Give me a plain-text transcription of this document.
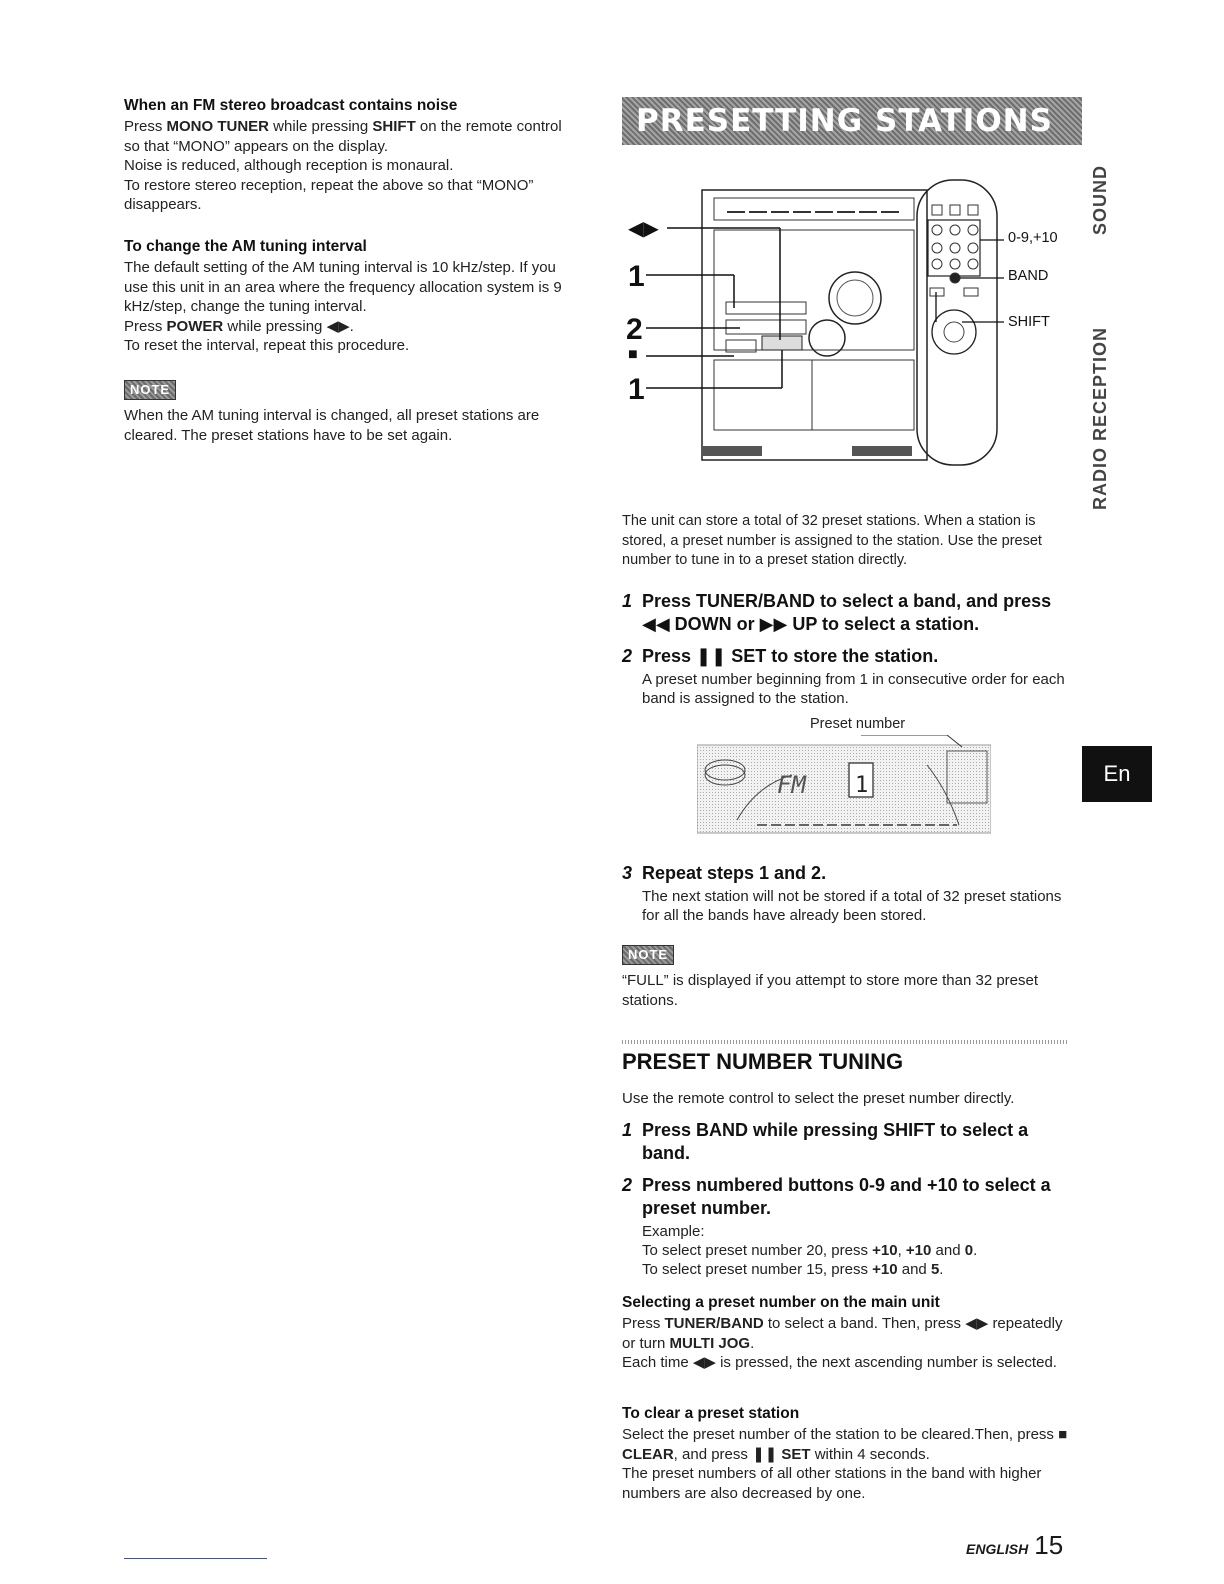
When an FM stereo broadcast contains noise

Press MONO TUNER while pressing SHIFT on the remote control so that “MONO” appears on the display.

Noise is reduced, although reception is monaural.

To restore stereo reception, repeat the above so that “MONO” disappears.

To change the AM tuning interval

The default setting of the AM tuning interval is 10 kHz/step. If you use this unit in an area where the frequency allocation system is 9 kHz/step, change the tuning interval.

Press POWER while pressing ◀▶.

To reset the interval, repeat this procedure.

NOTE

When the AM tuning interval is changed, all preset stations are cleared. The preset stations have to be set again.

PRESETTING STATIONS
◀▶
1
2
■
1
0-9,+10
BAND
SHIFT

The unit can store a total of 32 preset stations. When a station is stored, a preset number is assigned to the station. Use the preset number to tune in to a preset station directly.

1 Press TUNER/BAND to select a band, and press ◀◀ DOWN or ▶▶ UP to select a station.
2 Press ❚❚ SET to store the station.

A preset number beginning from 1 in consecutive order for each band is assigned to the station.

Preset number
FM 1
3 Repeat steps 1 and 2.

The next station will not be stored if a total of 32 preset stations for all the bands have already been stored.

NOTE

“FULL” is displayed if you attempt to store more than 32 preset stations.

PRESET NUMBER TUNING

Use the remote control to select the preset number directly.

1 Press BAND while pressing SHIFT to select a band.
2 Press numbered buttons 0-9 and +10 to select a preset number.

Example:

To select preset number 20, press +10, +10 and 0.

To select preset number 15, press +10 and 5.

Selecting a preset number on the main unit

Press TUNER/BAND to select a band. Then, press ◀▶ repeatedly or turn MULTI JOG.

Each time ◀▶ is pressed, the next ascending number is selected.

To clear a preset station

Select the preset number of the station to be cleared.Then, press ■ CLEAR, and press ❚❚ SET within 4 seconds.

The preset numbers of all other stations in the band with higher numbers are also decreased by one.

ENGLISH 15
SOUND
RADIO RECEPTION
En
